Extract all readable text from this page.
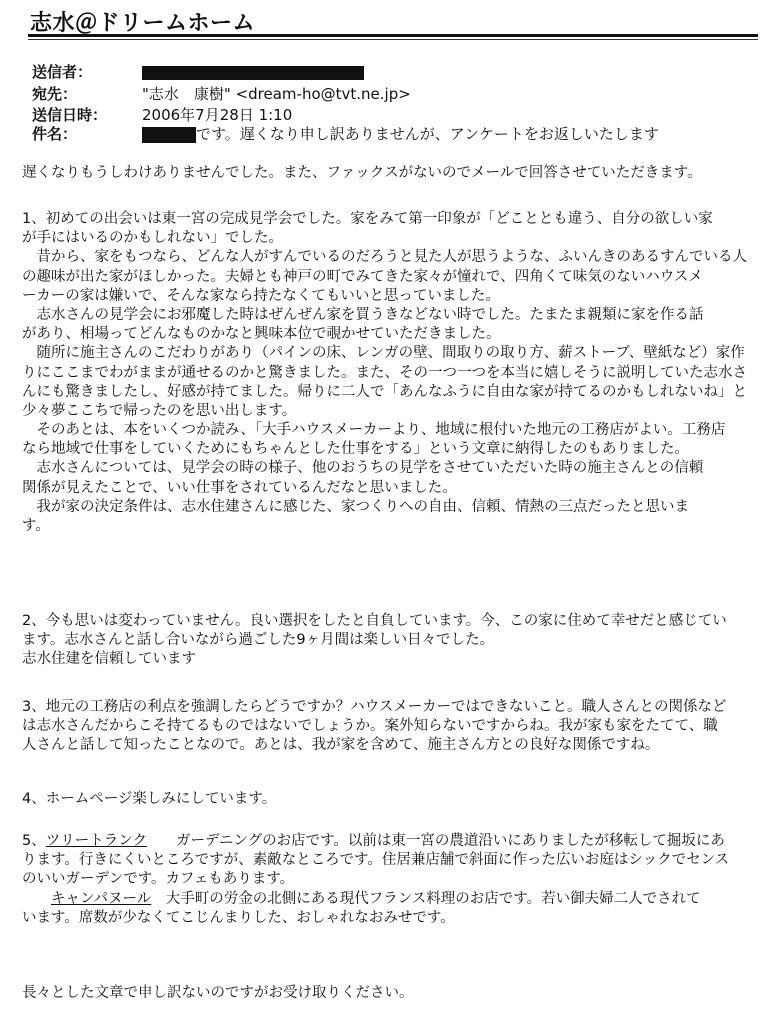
志水＠ドリームホーム
送信者：
宛先：	"志水　康樹" <dream-ho@tvt.ne.jp>
送信日時： 2006年7月28日 1:10
件名：	です。遅くなり申し訳ありませんが、アンケートをお返しいたします
遅くなりもうしわけありませんでした。また、ファックスがないのでメールで回答させていただきます。
1、初めての出会いは東一宮の完成見学会でした。家をみて第一印象が「どこととも違う、自分の欲しい家
が手にはいるのかもしれない」でした。
　昔から、家をもつなら、どんな人がすんでいるのだろうと見た人が思うような、ふいんきのあるすんでいる人
の趣味が出た家がほしかった。夫婦とも神戸の町でみてきた家々が憧れで、四角くて味気のないハウスメ
ーカーの家は嫌いで、そんな家なら持たなくてもいいと思っていました。
　志水さんの見学会にお邪魔した時はぜんぜん家を買うきなどない時でした。たまたま親類に家を作る話
があり、相場ってどんなものかなと興味本位で覗かせていただきました。
　随所に施主さんのこだわりがあり（パインの床、レンガの壁、間取りの取り方、薪ストーブ、壁紙など）家作
りにここまでわがままが通せるのかと驚きました。また、その一つ一つを本当に嬉しそうに説明していた志水さ
んにも驚きましたし、好感が持てました。帰りに二人で「あんなふうに自由な家が持てるのかもしれないね」と
少々夢ここちで帰ったのを思い出します。
　そのあとは、本をいくつか読み、「大手ハウスメーカーより、地域に根付いた地元の工務店がよい。工務店
なら地域で仕事をしていくためにもちゃんとした仕事をする」という文章に納得したのもありました。
　志水さんについては、見学会の時の様子、他のおうちの見学をさせていただいた時の施主さんとの信頼
関係が見えたことで、いい仕事をされているんだなと思いました。
　我が家の決定条件は、志水住建さんに感じた、家つくりへの自由、信頼、情熱の三点だったと思いま
す。
2、今も思いは変わっていません。良い選択をしたと自負しています。今、この家に住めて幸せだと感じてい
ます。志水さんと話し合いながら過ごした9ヶ月間は楽しい日々でした。
志水住建を信頼しています
3、地元の工務店の利点を強調したらどうですか？ハウスメーカーではできないこと。職人さんとの関係など
は志水さんだからこそ持てるものではないでしょうか。案外知らないですからね。我が家も家をたてて、職
人さんと話して知ったことなので。あとは、我が家を含めて、施主さん方との良好な関係ですね。
4、ホームページ楽しみにしています。
5、ツリートランク　　ガーデニングのお店です。以前は東一宮の農道沿いにありましたが移転して掘坂にあ
ります。行きにくいところですが、素敵なところです。住居兼店舗で斜面に作った広いお庭はシックでセンス
のいいガーデンです。カフェもあります。
　　キャンパヌール　大手町の労金の北側にある現代フランス料理のお店です。若い御夫婦二人でされて
います。席数が少なくてこじんまりした、おしゃれなおみせです。
長々とした文章で申し訳ないのですがお受け取りください。
